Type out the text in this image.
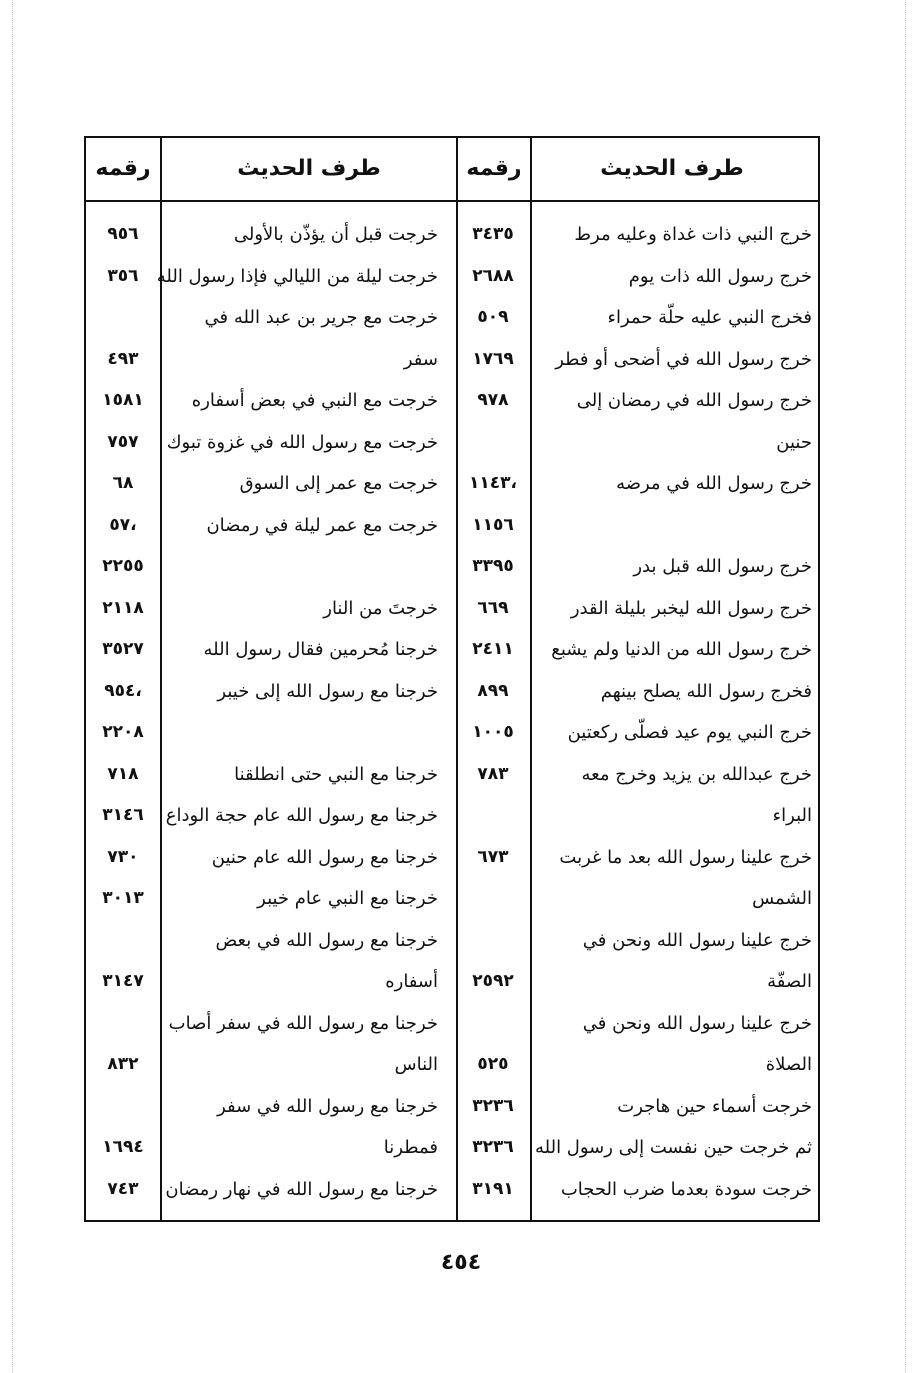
طرف الحديث
رقمه
طرف الحديث
رقمه
خرج النبي ذات غداة وعليه مرط
٣٤٣٥
خرجت قبل أن يؤذّن بالأولى
٩٥٦
خرج رسول الله ذات يوم
٢٦٨٨
خرجت ليلة من الليالي فإذا رسول الله
٣٥٦
فخرج النبي عليه حلّة حمراء
٥٠٩
خرجت مع جرير بن عبد الله في
خرج رسول الله في أضحى أو فطر
١٧٦٩
سفر
٤٩٣
خرج رسول الله في رمضان إلى
٩٧٨
خرجت مع النبي في بعض أسفاره
١٥٨١
حنين
خرجت مع رسول الله في غزوة تبوك
٧٥٧
خرج رسول الله في مرضه
،١١٤٣
خرجت مع عمر إلى السوق
٦٨
١١٥٦
خرجت مع عمر ليلة في رمضان
،٥٧
خرج رسول الله قبل بدر
٣٣٩٥
٢٢٥٥
خرج رسول الله ليخبر بليلة القدر
٦٦٩
خرجتَ من النار
٢١١٨
خرج رسول الله من الدنيا ولم يشبع
٢٤١١
خرجنا مُحرمين فقال رسول الله
٣٥٢٧
فخرج رسول الله يصلح بينهم
٨٩٩
خرجنا مع رسول الله إلى خيبر
،٩٥٤
خرج النبي يوم عيد فصلّى ركعتين
١٠٠٥
٢٢٠٨
خرج عبدالله بن يزيد وخرج معه
٧٨٣
خرجنا مع النبي حتى انطلقنا
٧١٨
البراء
خرجنا مع رسول الله عام حجة الوداع
٣١٤٦
خرج علينا رسول الله بعد ما غربت
٦٧٣
خرجنا مع رسول الله عام حنين
٧٣٠
الشمس
خرجنا مع النبي عام خيبر
٣٠١٣
خرج علينا رسول الله ونحن في
خرجنا مع رسول الله في بعض
الصفّة
٢٥٩٢
أسفاره
٣١٤٧
خرج علينا رسول الله ونحن في
خرجنا مع رسول الله في سفر أصاب
الصلاة
٥٢٥
الناس
٨٣٢
خرجت أسماء حين هاجرت
٣٢٣٦
خرجنا مع رسول الله في سفر
ثم خرجت حين نفست إلى رسول الله
٣٢٣٦
فمطرنا
١٦٩٤
خرجت سودة بعدما ضرب الحجاب
٣١٩١
خرجنا مع رسول الله في نهار رمضان
٧٤٣
٤٥٤
